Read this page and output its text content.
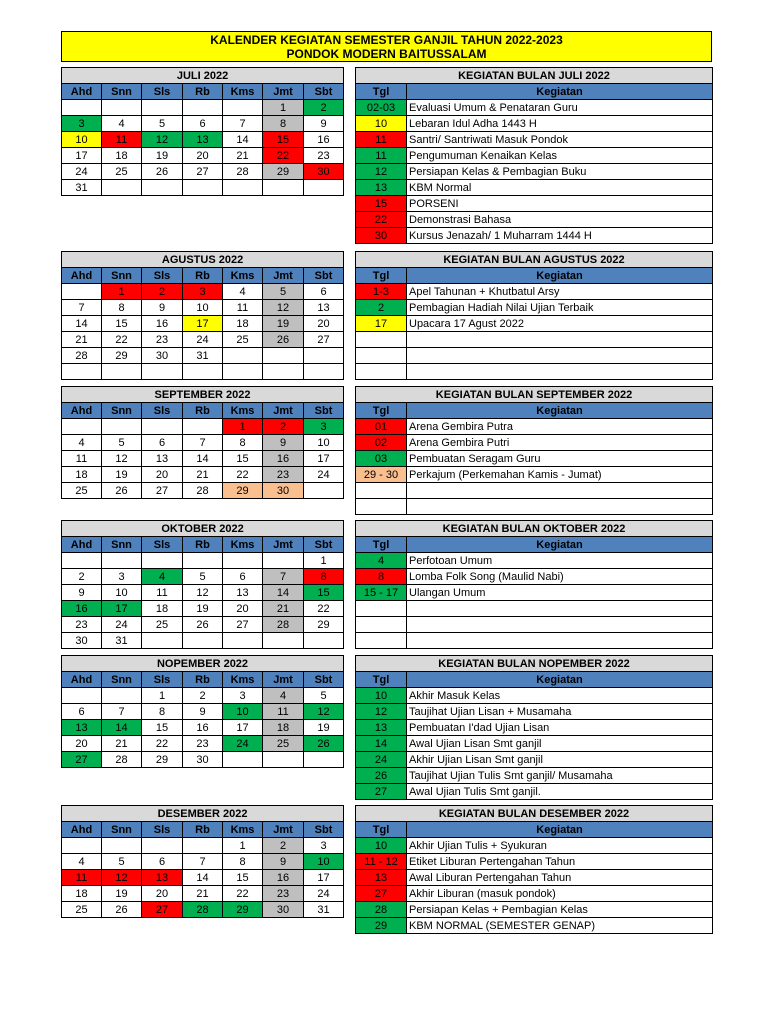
KALENDER KEGIATAN SEMESTER GANJIL TAHUN 2022-2023
PONDOK MODERN BAITUSSALAM
JULI 2022						
Ahd	Snn	Sls	Rb	Kms	Jmt	Sbt
					1	2
3	4	5	6	7	8	9
10	11	12	13	14	15	16
17	18	19	20	21	22	23
24	25	26	27	28	29	30
31						
KEGIATAN BULAN JULI 2022	
Tgl	Kegiatan
02-03	Evaluasi Umum & Penataran Guru
10	Lebaran Idul Adha 1443 H
11	Santri/ Santriwati Masuk Pondok
11	Pengumuman Kenaikan Kelas
12	Persiapan Kelas & Pembagian Buku
13	KBM Normal
15	PORSENI
22	Demonstrasi Bahasa
30	Kursus Jenazah/ 1 Muharram 1444 H
AGUSTUS 2022						
Ahd	Snn	Sls	Rb	Kms	Jmt	Sbt
	1	2	3	4	5	6
7	8	9	10	11	12	13
14	15	16	17	18	19	20
21	22	23	24	25	26	27
28	29	30	31			

KEGIATAN BULAN AGUSTUS 2022	
Tgl	Kegiatan
1-3	Apel Tahunan + Khutbatul Arsy
2	Pembagian Hadiah Nilai Ujian Terbaik
17	Upacara 17 Agust 2022

SEPTEMBER 2022						
Ahd	Snn	Sls	Rb	Kms	Jmt	Sbt
				1	2	3
4	5	6	7	8	9	10
11	12	13	14	15	16	17
18	19	20	21	22	23	24
25	26	27	28	29	30	
KEGIATAN BULAN SEPTEMBER 2022	
Tgl	Kegiatan
01	Arena Gembira Putra
02	Arena Gembira Putri
03	Pembuatan Seragam Guru
29 - 30	Perkajum (Perkemahan Kamis - Jumat)

OKTOBER 2022						
Ahd	Snn	Sls	Rb	Kms	Jmt	Sbt
						1
2	3	4	5	6	7	8
9	10	11	12	13	14	15
16	17	18	19	20	21	22
23	24	25	26	27	28	29
30	31					
KEGIATAN BULAN OKTOBER 2022	
Tgl	Kegiatan
4	Perfotoan Umum
8	Lomba Folk Song (Maulid Nabi)
15 - 17	Ulangan Umum

NOPEMBER 2022						
Ahd	Snn	Sls	Rb	Kms	Jmt	Sbt
		1	2	3	4	5
6	7	8	9	10	11	12
13	14	15	16	17	18	19
20	21	22	23	24	25	26
27	28	29	30			
KEGIATAN BULAN NOPEMBER 2022	
Tgl	Kegiatan
10	Akhir Masuk Kelas
12	Taujihat Ujian Lisan + Musamaha
13	Pembuatan I'dad Ujian Lisan
14	Awal Ujian Lisan Smt ganjil
24	Akhir Ujian Lisan Smt ganjil
26	Taujihat Ujian Tulis Smt ganjil/ Musamaha
27	Awal Ujian Tulis Smt ganjil.
DESEMBER 2022						
Ahd	Snn	Sls	Rb	Kms	Jmt	Sbt
				1	2	3
4	5	6	7	8	9	10
11	12	13	14	15	16	17
18	19	20	21	22	23	24
25	26	27	28	29	30	31
KEGIATAN BULAN DESEMBER 2022	
Tgl	Kegiatan
10	Akhir Ujian Tulis + Syukuran
11 - 12	Etiket Liburan Pertengahan Tahun
13	Awal Liburan Pertengahan Tahun
27	Akhir Liburan (masuk pondok)
28	Persiapan Kelas + Pembagian Kelas
29	KBM NORMAL (SEMESTER GENAP)
